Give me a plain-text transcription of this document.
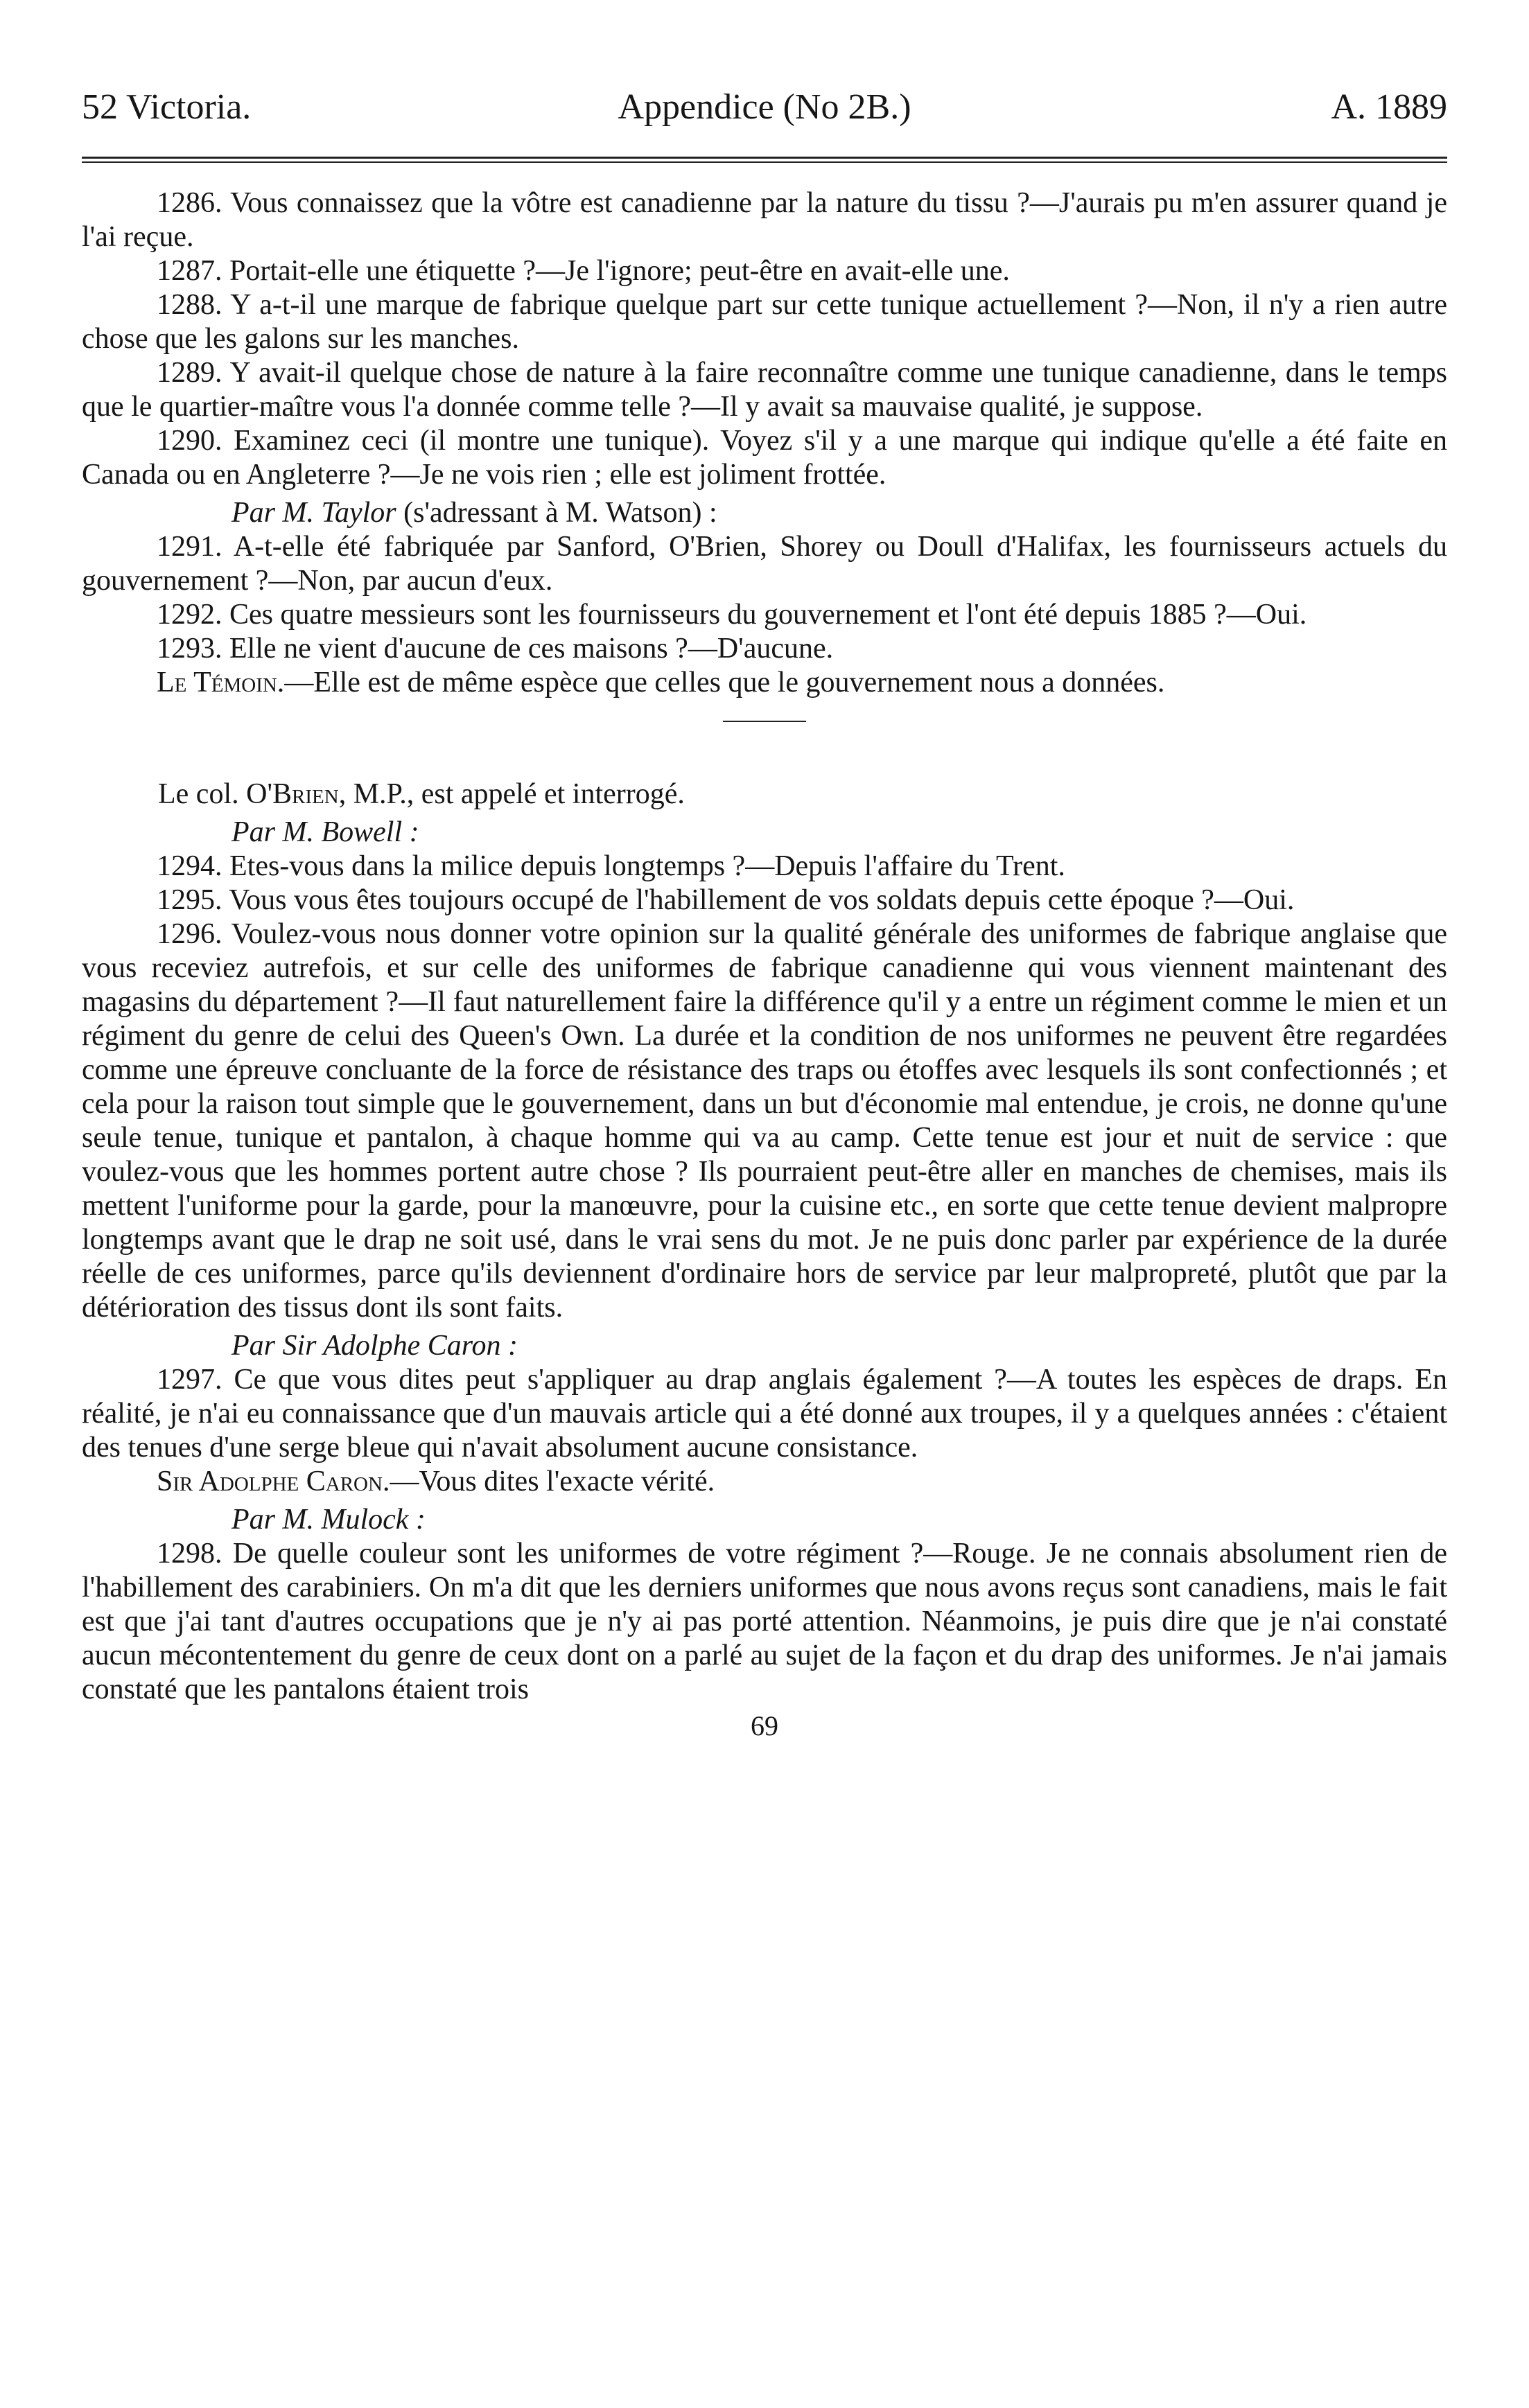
52 Victoria.	Appendice (No 2B.)	A. 1889

1286. Vous connaissez que la vôtre est canadienne par la nature du tissu ?—J'aurais pu m'en assurer quand je l'ai reçue.

1287. Portait-elle une étiquette ?—Je l'ignore; peut-être en avait-elle une.

1288. Y a-t-il une marque de fabrique quelque part sur cette tunique actuellement ?—Non, il n'y a rien autre chose que les galons sur les manches.

1289. Y avait-il quelque chose de nature à la faire reconnaître comme une tunique canadienne, dans le temps que le quartier-maître vous l'a donnée comme telle ?—Il y avait sa mauvaise qualité, je suppose.

1290. Examinez ceci (il montre une tunique). Voyez s'il y a une marque qui indique qu'elle a été faite en Canada ou en Angleterre ?—Je ne vois rien ; elle est joliment frottée.

Par M. Taylor (s'adressant à M. Watson) :

1291. A-t-elle été fabriquée par Sanford, O'Brien, Shorey ou Doull d'Halifax, les fournisseurs actuels du gouvernement ?—Non, par aucun d'eux.

1292. Ces quatre messieurs sont les fournisseurs du gouvernement et l'ont été depuis 1885 ?—Oui.

1293. Elle ne vient d'aucune de ces maisons ?—D'aucune.

Le Témoin.—Elle est de même espèce que celles que le gouvernement nous a données.

Le col. O'Brien, M.P., est appelé et interrogé.

Par M. Bowell :

1294. Etes-vous dans la milice depuis longtemps ?—Depuis l'affaire du Trent.

1295. Vous vous êtes toujours occupé de l'habillement de vos soldats depuis cette époque ?—Oui.

1296. Voulez-vous nous donner votre opinion sur la qualité générale des uniformes de fabrique anglaise que vous receviez autrefois, et sur celle des uniformes de fabrique canadienne qui vous viennent maintenant des magasins du département ?—Il faut naturellement faire la différence qu'il y a entre un régiment comme le mien et un régiment du genre de celui des Queen's Own. La durée et la condition de nos uniformes ne peuvent être regardées comme une épreuve concluante de la force de résistance des traps ou étoffes avec lesquels ils sont confectionnés ; et cela pour la raison tout simple que le gouvernement, dans un but d'économie mal entendue, je crois, ne donne qu'une seule tenue, tunique et pantalon, à chaque homme qui va au camp. Cette tenue est jour et nuit de service : que voulez-vous que les hommes portent autre chose ? Ils pourraient peut-être aller en manches de chemises, mais ils mettent l'uniforme pour la garde, pour la manœuvre, pour la cuisine etc., en sorte que cette tenue devient malpropre longtemps avant que le drap ne soit usé, dans le vrai sens du mot. Je ne puis donc parler par expérience de la durée réelle de ces uniformes, parce qu'ils deviennent d'ordinaire hors de service par leur malpropreté, plutôt que par la détérioration des tissus dont ils sont faits.

Par Sir Adolphe Caron :

1297. Ce que vous dites peut s'appliquer au drap anglais également ?—A toutes les espèces de draps. En réalité, je n'ai eu connaissance que d'un mauvais article qui a été donné aux troupes, il y a quelques années : c'étaient des tenues d'une serge bleue qui n'avait absolument aucune consistance.

Sir Adolphe Caron.—Vous dites l'exacte vérité.

Par M. Mulock :

1298. De quelle couleur sont les uniformes de votre régiment ?—Rouge. Je ne connais absolument rien de l'habillement des carabiniers. On m'a dit que les derniers uniformes que nous avons reçus sont canadiens, mais le fait est que j'ai tant d'autres occupations que je n'y ai pas porté attention. Néanmoins, je puis dire que je n'ai constaté aucun mécontentement du genre de ceux dont on a parlé au sujet de la façon et du drap des uniformes. Je n'ai jamais constaté que les pantalons étaient trois

69
